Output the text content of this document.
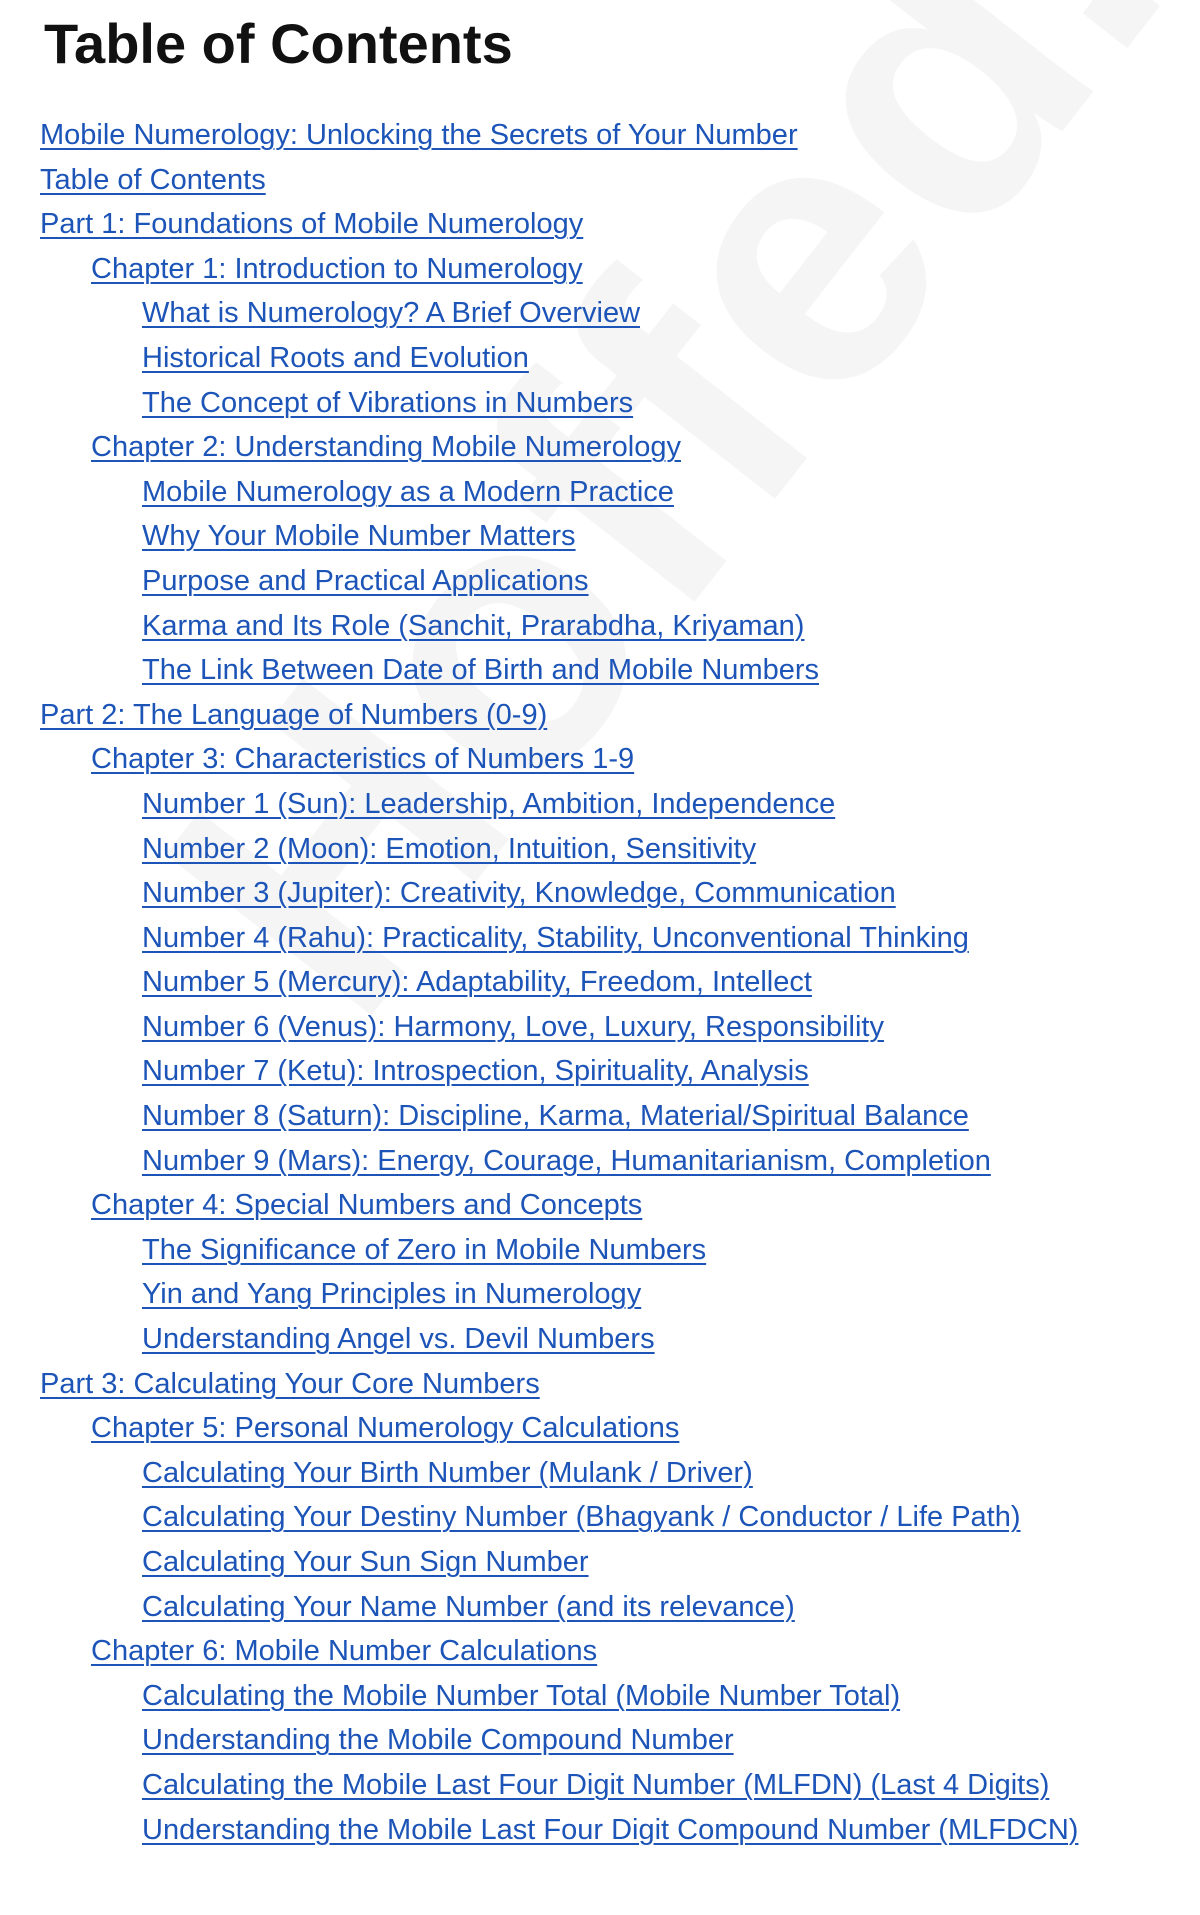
Table of Contents
Mobile Numerology: Unlocking the Secrets of Your Number
Table of Contents
Part 1: Foundations of Mobile Numerology
Chapter 1: Introduction to Numerology
What is Numerology? A Brief Overview
Historical Roots and Evolution
The Concept of Vibrations in Numbers
Chapter 2: Understanding Mobile Numerology
Mobile Numerology as a Modern Practice
Why Your Mobile Number Matters
Purpose and Practical Applications
Karma and Its Role (Sanchit, Prarabdha, Kriyaman)
The Link Between Date of Birth and Mobile Numbers
Part 2: The Language of Numbers (0-9)
Chapter 3: Characteristics of Numbers 1-9
Number 1 (Sun): Leadership, Ambition, Independence
Number 2 (Moon): Emotion, Intuition, Sensitivity
Number 3 (Jupiter): Creativity, Knowledge, Communication
Number 4 (Rahu): Practicality, Stability, Unconventional Thinking
Number 5 (Mercury): Adaptability, Freedom, Intellect
Number 6 (Venus): Harmony, Love, Luxury, Responsibility
Number 7 (Ketu): Introspection, Spirituality, Analysis
Number 8 (Saturn): Discipline, Karma, Material/Spiritual Balance
Number 9 (Mars): Energy, Courage, Humanitarianism, Completion
Chapter 4: Special Numbers and Concepts
The Significance of Zero in Mobile Numbers
Yin and Yang Principles in Numerology
Understanding Angel vs. Devil Numbers
Part 3: Calculating Your Core Numbers
Chapter 5: Personal Numerology Calculations
Calculating Your Birth Number (Mulank / Driver)
Calculating Your Destiny Number (Bhagyank / Conductor / Life Path)
Calculating Your Sun Sign Number
Calculating Your Name Number (and its relevance)
Chapter 6: Mobile Number Calculations
Calculating the Mobile Number Total (Mobile Number Total)
Understanding the Mobile Compound Number
Calculating the Mobile Last Four Digit Number (MLFDN) (Last 4 Digits)
Understanding the Mobile Last Four Digit Compound Number (MLFDCN)
